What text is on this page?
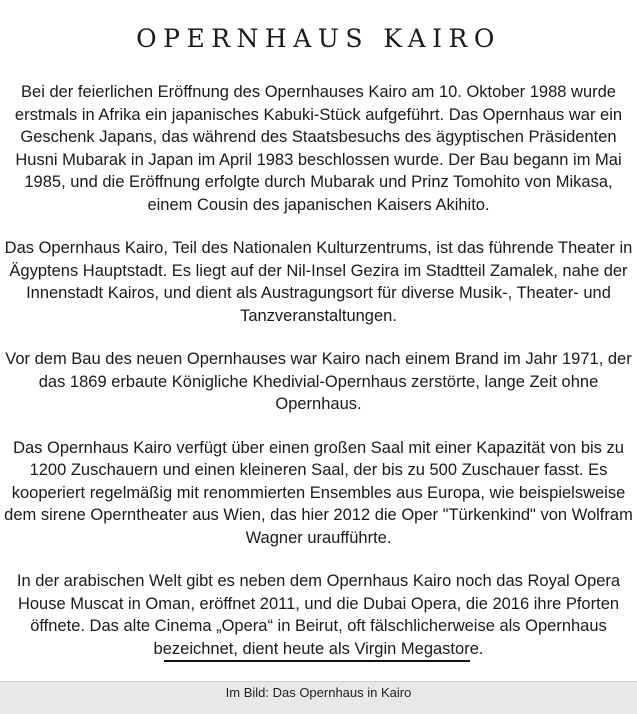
OPERNHAUS KAIRO

Bei der feierlichen Eröffnung des Opernhauses Kairo am 10. Oktober 1988 wurde erstmals in Afrika ein japanisches Kabuki-Stück aufgeführt. Das Opernhaus war ein Geschenk Japans, das während des Staatsbesuchs des ägyptischen Präsidenten Husni Mubarak in Japan im April 1983 beschlossen wurde. Der Bau begann im Mai 1985, und die Eröffnung erfolgte durch Mubarak und Prinz Tomohito von Mikasa, einem Cousin des japanischen Kaisers Akihito.

Das Opernhaus Kairo, Teil des Nationalen Kulturzentrums, ist das führende Theater in Ägyptens Hauptstadt. Es liegt auf der Nil-Insel Gezira im Stadtteil Zamalek, nahe der Innenstadt Kairos, und dient als Austragungsort für diverse Musik-, Theater- und Tanzveranstaltungen.

Vor dem Bau des neuen Opernhauses war Kairo nach einem Brand im Jahr 1971, der das 1869 erbaute Königliche Khedivial-Opernhaus zerstörte, lange Zeit ohne Opernhaus.

Das Opernhaus Kairo verfügt über einen großen Saal mit einer Kapazität von bis zu 1200 Zuschauern und einen kleineren Saal, der bis zu 500 Zuschauer fasst. Es kooperiert regelmäßig mit renommierten Ensembles aus Europa, wie beispielsweise dem sirene Operntheater aus Wien, das hier 2012 die Oper "Türkenkind" von Wolfram Wagner uraufführte.

In der arabischen Welt gibt es neben dem Opernhaus Kairo noch das Royal Opera House Muscat in Oman, eröffnet 2011, und die Dubai Opera, die 2016 ihre Pforten öffnete. Das alte Cinema „Opera“ in Beirut, oft fälschlicherweise als Opernhaus bezeichnet, dient heute als Virgin Megastore.

Im Bild: Das Opernhaus in Kairo
